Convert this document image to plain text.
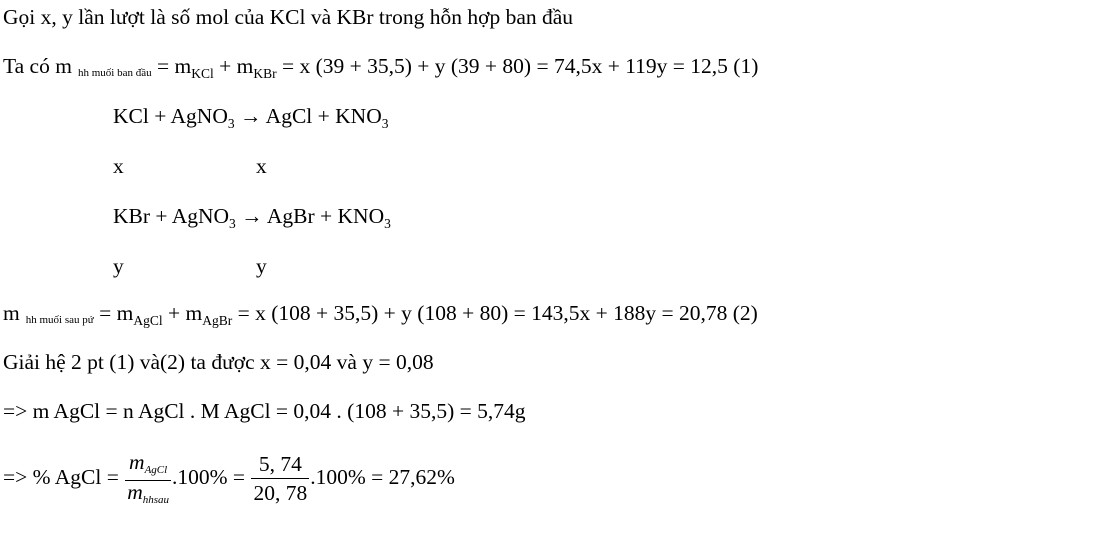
Gọi x, y lần lượt là số mol của KCl và KBr trong hỗn hợp ban đầu
Ta có m hh muối ban đầu = $m_{KCl} + m_{KBr} = x$ (39 + 35,5) + y (39 + 80) = 74,5x + 119y = 12,5 (1)
KCl + AgNO$_3$ → AgCl + $KNO_3$
x	x
KBr + AgNO$_3$ → AgBr + $KNO_3$
y	y
mhh muối sau pứ = $m_{AgCl} + m_{AgBr} = x$ (108 + 35,5) + y (108 + 80) = 143,5x + 188y = 20,78 (2)
Giải hệ 2 pt (1) và(2) ta được x = 0,04 và y = 0,08
=> m AgCl = n AgCl . M AgCl = 0,04 . (108 + 35,5) = 5,74g
=> % AgCl = $\frac{\text{mAgCl}}{\text{mhhsau}} .100\% = \frac{5, 74}{20, 78} .100\% = 27,62\%$
